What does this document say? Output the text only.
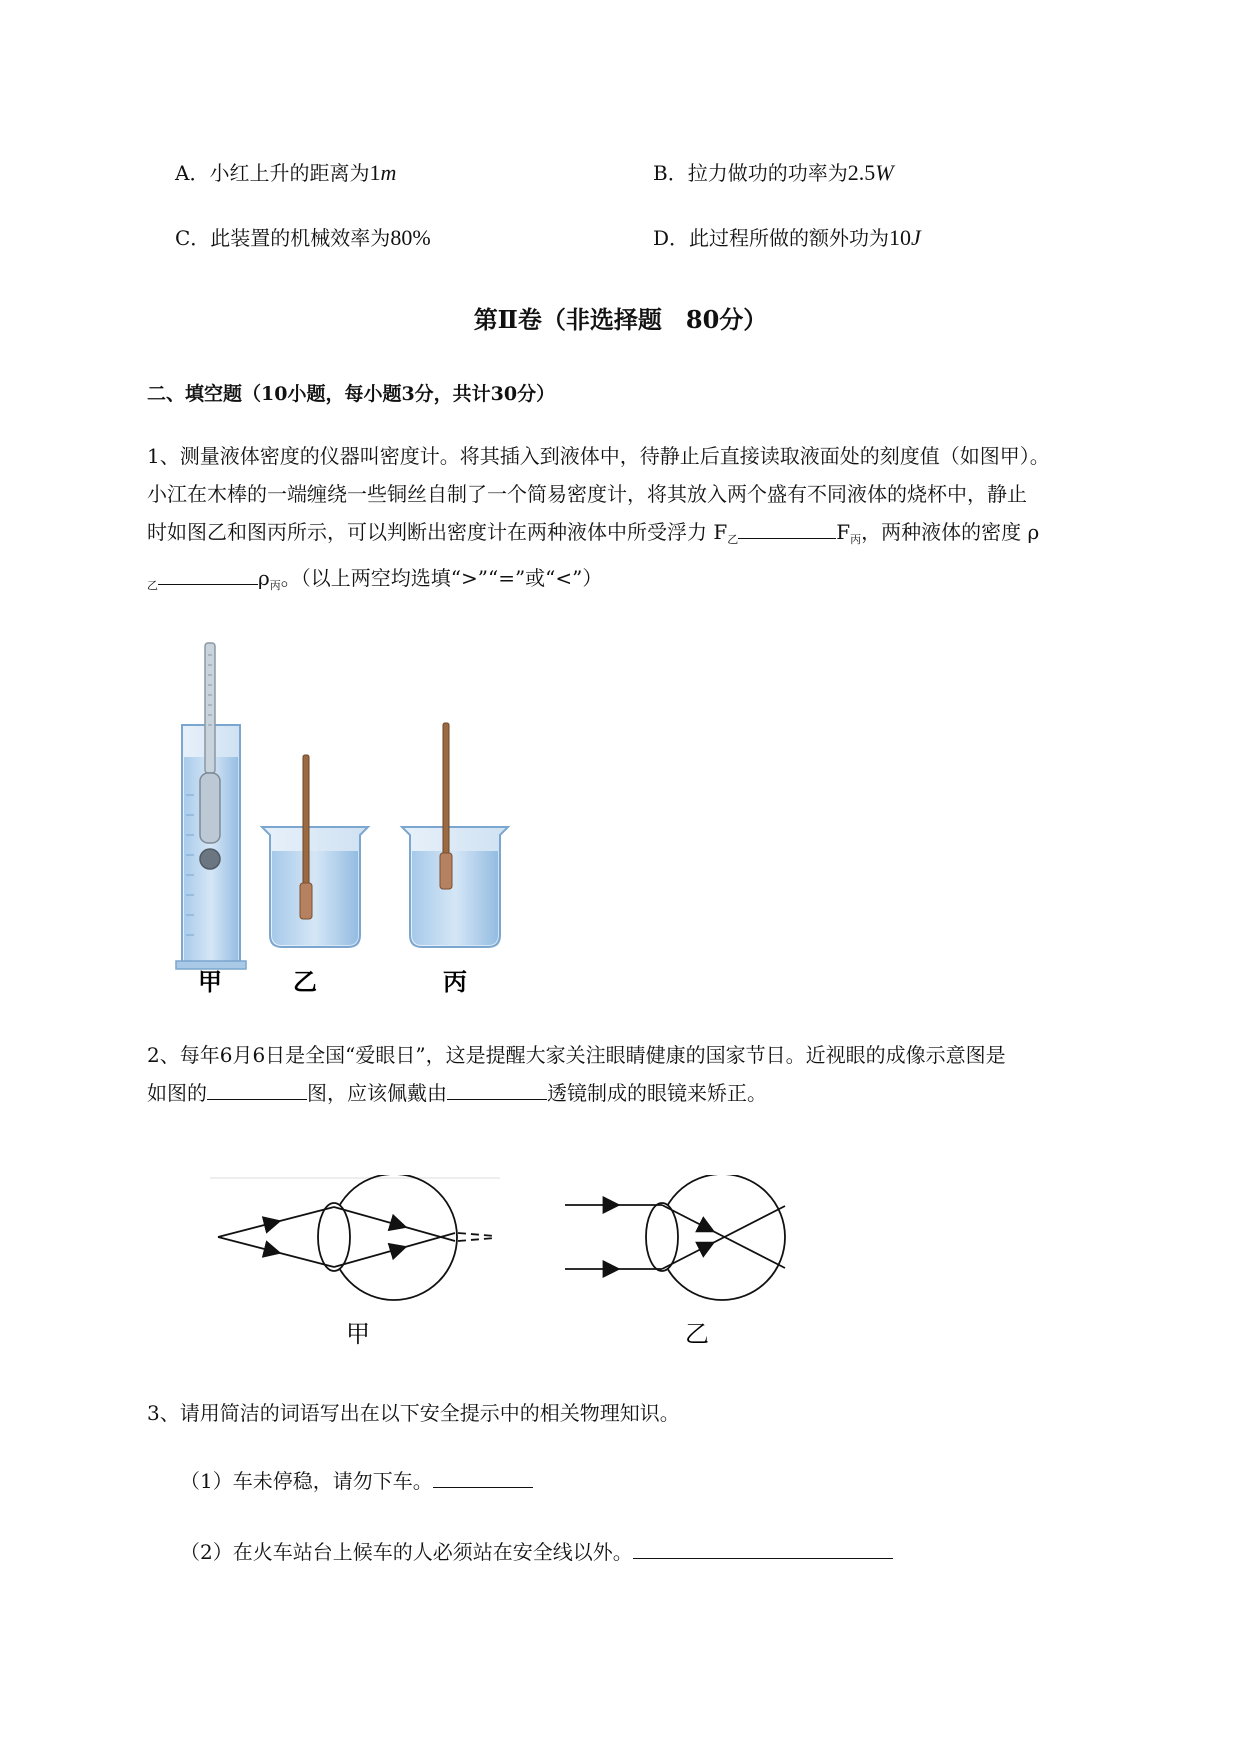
A．小红上升的距离为1m	B．拉力做功的功率为2.5W
C．此装置的机械效率为80%	D．此过程所做的额外功为10J
第Ⅱ卷（非选择题　80分）
二、填空题（10小题，每小题3分，共计30分）

1、测量液体密度的仪器叫密度计。将其插入到液体中，待静止后直接读取液面处的刻度值（如图甲）。

小江在木棒的一端缠绕一些铜丝自制了一个简易密度计，将其放入两个盛有不同液体的烧杯中，静止

时如图乙和图丙所示，可以判断出密度计在两种液体中所受浮力 $F_乙$	$F_丙$，两种液体的密度 ρ

$_乙$	$\rho_丙$。（以上两空均选填“>”“=”或“<”）

甲	乙	丙

2、每年6月6日是全国“爱眼日”，这是提醒大家关注眼睛健康的国家节日。近视眼的成像示意图是

如图的	图，应该佩戴由	透镜制成的眼镜来矫正。

甲	乙

3、请用简洁的词语写出在以下安全提示中的相关物理知识。

（1）车未停稳，请勿下车。

（2）在火车站台上候车的人必须站在安全线以外。
